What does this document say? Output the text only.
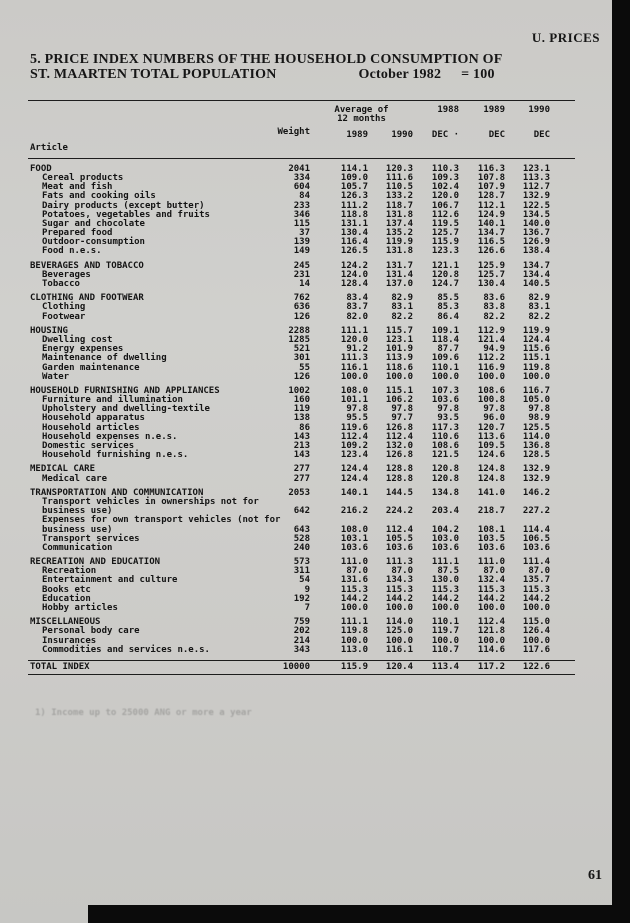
U. PRICES
5. PRICE INDEX NUMBERS OF THE HOUSEHOLD CONSUMPTION OF
ST. MAARTEN TOTAL POPULATION	October 1982 = 100
Average of	1988	1989	1990
12 months
Weight	1989	1990	DEC ·	DEC	DEC
Article
FOOD	2041	114.1	120.3	110.3	116.3	123.1
Cereal products	334	109.0	111.6	109.3	107.8	113.3
Meat and fish	604	105.7	110.5	102.4	107.9	112.7
Fats and cooking oils	84	126.3	133.2	120.0	128.7	132.9
Dairy products (except butter)	233	111.2	118.7	106.7	112.1	122.5
Potatoes, vegetables and fruits	346	118.8	131.8	112.6	124.9	134.5
Sugar and chocolate	115	131.1	137.4	119.5	140.1	140.0
Prepared food	37	130.4	135.2	125.7	134.7	136.7
Outdoor-consumption	139	116.4	119.9	115.9	116.5	126.9
Food n.e.s.	149	126.5	131.8	123.3	126.6	138.4
BEVERAGES AND TOBACCO	245	124.2	131.7	121.1	125.9	134.7
Beverages	231	124.0	131.4	120.8	125.7	134.4
Tobacco	14	128.4	137.0	124.7	130.4	140.5
CLOTHING AND FOOTWEAR	762	83.4	82.9	85.5	83.6	82.9
Clothing	636	83.7	83.1	85.3	83.8	83.1
Footwear	126	82.0	82.2	86.4	82.2	82.2
HOUSING	2288	111.1	115.7	109.1	112.9	119.9
Dwelling cost	1285	120.0	123.1	118.4	121.4	124.4
Energy expenses	521	91.2	101.9	87.7	94.9	115.6
Maintenance of dwelling	301	111.3	113.9	109.6	112.2	115.1
Garden maintenance	55	116.1	118.6	110.1	116.9	119.8
Water	126	100.0	100.0	100.0	100.0	100.0
HOUSEHOLD FURNISHING AND APPLIANCES	1002	108.0	115.1	107.3	108.6	116.7
Furniture and illumination	160	101.1	106.2	103.6	100.8	105.0
Upholstery and dwelling-textile	119	97.8	97.8	97.8	97.8	97.8
Household apparatus	138	95.5	97.7	93.5	96.0	98.9
Household articles	86	119.6	126.8	117.3	120.7	125.5
Household expenses n.e.s.	143	112.4	112.4	110.6	113.6	114.0
Domestic services	213	109.2	132.0	108.6	109.5	136.8
Household furnishing n.e.s.	143	123.4	126.8	121.5	124.6	128.5
MEDICAL CARE	277	124.4	128.8	120.8	124.8	132.9
Medical care	277	124.4	128.8	120.8	124.8	132.9
TRANSPORTATION AND COMMUNICATION	2053	140.1	144.5	134.8	141.0	146.2
Transport vehicles in ownerships not for
business use)	642	216.2	224.2	203.4	218.7	227.2
Expenses for own transport vehicles (not for
business use)	643	108.0	112.4	104.2	108.1	114.4
Transport services	528	103.1	105.5	103.0	103.5	106.5
Communication	240	103.6	103.6	103.6	103.6	103.6
RECREATION AND EDUCATION	573	111.0	111.3	111.1	111.0	111.4
Recreation	311	87.0	87.0	87.5	87.0	87.0
Entertainment and culture	54	131.6	134.3	130.0	132.4	135.7
Books etc	9	115.3	115.3	115.3	115.3	115.3
Education	192	144.2	144.2	144.2	144.2	144.2
Hobby articles	7	100.0	100.0	100.0	100.0	100.0
MISCELLANEOUS	759	111.1	114.0	110.1	112.4	115.0
Personal body care	202	119.8	125.0	119.7	121.8	126.4
Insurances	214	100.0	100.0	100.0	100.0	100.0
Commodities and services n.e.s.	343	113.0	116.1	110.7	114.6	117.6
TOTAL INDEX	10000	115.9	120.4	113.4	117.2	122.6
1) Income up to 25000 ANG or more a year
61
